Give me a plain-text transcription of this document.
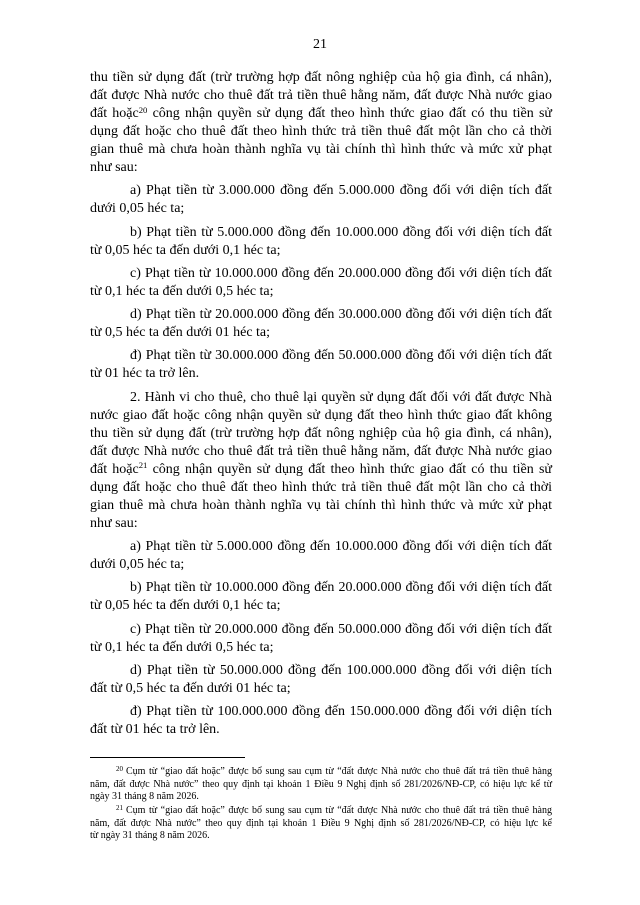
21
thu tiền sử dụng đất (trừ trường hợp đất nông nghiệp của hộ gia đình, cá nhân),
đất được Nhà nước cho thuê đất trả tiền thuê hằng năm, đất được Nhà nước giao
đất hoặc$^{20}$ công nhận quyền sử dụng đất theo hình thức giao đất có thu tiền sử
dụng đất hoặc cho thuê đất theo hình thức trả tiền thuê đất một lần cho cả thời
gian thuê mà chưa hoàn thành nghĩa vụ tài chính thì hình thức và mức xử phạt
như sau:
a) Phạt tiền từ 3.000.000 đồng đến 5.000.000 đồng đối với diện tích đất
dưới 0,05 héc ta;
b) Phạt tiền từ 5.000.000 đồng đến 10.000.000 đồng đối với diện tích đất
từ 0,05 héc ta đến dưới 0,1 héc ta;
c) Phạt tiền từ 10.000.000 đồng đến 20.000.000 đồng đối với diện tích đất
từ 0,1 héc ta đến dưới 0,5 héc ta;
d) Phạt tiền từ 20.000.000 đồng đến 30.000.000 đồng đối với diện tích đất
từ 0,5 héc ta đến dưới 01 héc ta;
đ) Phạt tiền từ 30.000.000 đồng đến 50.000.000 đồng đối với diện tích đất
từ 01 héc ta trở lên.
2. Hành vi cho thuê, cho thuê lại quyền sử dụng đất đối với đất được Nhà
nước giao đất hoặc công nhận quyền sử dụng đất theo hình thức giao đất không
thu tiền sử dụng đất (trừ trường hợp đất nông nghiệp của hộ gia đình, cá nhân),
đất được Nhà nước cho thuê đất trả tiền thuê hằng năm, đất được Nhà nước giao
đất hoặc$^{21}$ công nhận quyền sử dụng đất theo hình thức giao đất có thu tiền sử
dụng đất hoặc cho thuê đất theo hình thức trả tiền thuê đất một lần cho cả thời
gian thuê mà chưa hoàn thành nghĩa vụ tài chính thì hình thức và mức xử phạt
như sau:
a) Phạt tiền từ 5.000.000 đồng đến 10.000.000 đồng đối với diện tích đất
dưới 0,05 héc ta;
b) Phạt tiền từ 10.000.000 đồng đến 20.000.000 đồng đối với diện tích đất
từ 0,05 héc ta đến dưới 0,1 héc ta;
c) Phạt tiền từ 20.000.000 đồng đến 50.000.000 đồng đối với diện tích đất
từ 0,1 héc ta đến dưới 0,5 héc ta;
d) Phạt tiền từ 50.000.000 đồng đến 100.000.000 đồng đối với diện tích
đất từ 0,5 héc ta đến dưới 01 héc ta;
đ) Phạt tiền từ 100.000.000 đồng đến 150.000.000 đồng đối với diện tích
đất từ 01 héc ta trở lên.
$^{20}$ Cụm từ “giao đất hoặc” được bổ sung sau cụm từ “đất được Nhà nước cho thuê đất trả tiền thuê hàng
năm, đất được Nhà nước” theo quy định tại khoản 1 Điều 9 Nghị định số 281/2026/NĐ-CP, có hiệu lực kể từ
ngày 31 tháng 8 năm 2026.
$^{21}$ Cụm từ “giao đất hoặc” được bổ sung sau cụm từ “đất được Nhà nước cho thuê đất trả tiền thuê hàng
năm, đất được Nhà nước” theo quy định tại khoản 1 Điều 9 Nghị định số 281/2026/NĐ-CP, có hiệu lực kể
từ ngày 31 tháng 8 năm 2026.
